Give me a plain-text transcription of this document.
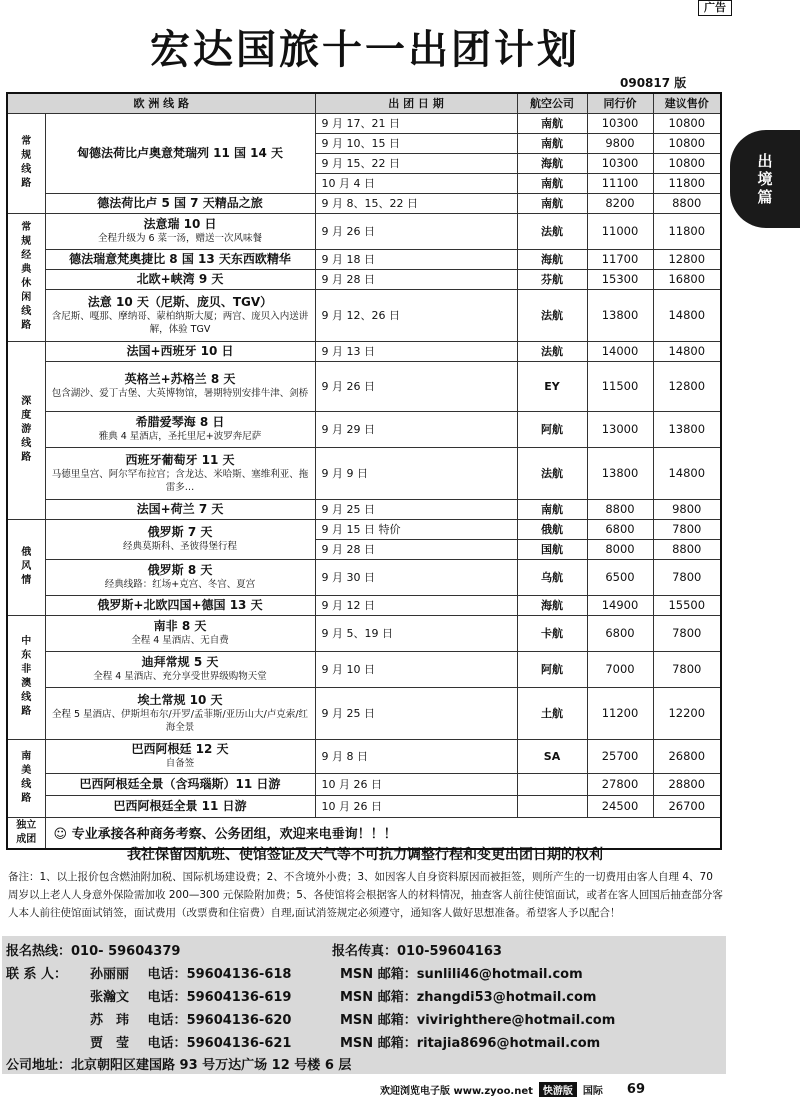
广告
宏达国旅十一出团计划
090817 版
出
境
篇
欧 洲 线 路		出 团 日 期	航空公司	同行价	建议售价

常规线路	匈德法荷比卢奥意梵瑞列 11 国 14 天	9 月 17、21 日	南航	10300	10800
		9 月 10、15 日	南航	9800	10800
		9 月 15、22 日	海航	10300	10800
		10 月 4 日	南航	11100	11800

	德法荷比卢 5 国 7 天精品之旅	9 月 8、15、22 日	南航	8200	8800

常规经典休闲线路	法意瑞 10 日
全程升级为 6 菜一汤，赠送一次风味餐	9 月 26 日	法航	11000	11800

	德法瑞意梵奥捷比 8 国 13 天东西欧精华	9 月 18 日	海航	11700	12800

	北欧+峡湾 9 天	9 月 28 日	芬航	15300	16800

	法意 10 天（尼斯、庞贝、TGV）
含尼斯、嘎那、摩纳哥、蒙柏纳斯大厦；两宫、庞贝入内送讲解，体验 TGV	9 月 12、26 日	法航	13800	14800

深度游线路	法国+西班牙 10 日	9 月 13 日	法航	14000	14800

	英格兰+苏格兰 8 天
包含湖沙、爱丁古堡、大英博物馆，暑期特别安排牛津、剑桥	9 月 26 日	EY	11500	12800

	希腊爱琴海 8 日
雅典 4 星酒店，圣托里尼+波罗奔尼萨	9 月 29 日	阿航	13000	13800

	西班牙葡萄牙 11 天
马德里皇宫、阿尔罕布拉宫；含龙达、米哈斯、塞维利亚、拖雷多…	9 月 9 日	法航	13800	14800

	法国+荷兰 7 天	9 月 25 日	南航	8800	9800

俄风情	俄罗斯 7 天
经典莫斯科、圣彼得堡行程	9 月 15 日 特价	俄航	6800	7800
		9 月 28 日	国航	8000	8800

	俄罗斯 8 天
经典线路：红场+克宫、冬宫、夏宫	9 月 30 日	乌航	6500	7800

	俄罗斯+北欧四国+德国 13 天	9 月 12 日	海航	14900	15500

中东非澳线路	南非 8 天
全程 4 星酒店、无自费	9 月 5、19 日	卡航	6800	7800

	迪拜常规 5 天
全程 4 星酒店、充分享受世界级购物天堂	9 月 10 日	阿航	7000	7800

	埃土常规 10 天
全程 5 星酒店、伊斯坦布尔/开罗/孟菲斯/亚历山大/卢克索/红海全景	9 月 25 日	土航	11200	12200

南美线路	巴西阿根廷 12 天
自备签	9 月 8 日	SA	25700	26800

	巴西阿根廷全景（含玛瑙斯）11 日游	10 月 26 日		27800	28800

	巴西阿根廷全景 11 日游	10 月 26 日		24500	26700

独立成团	☺ 专业承接各种商务考察、公务团组，欢迎来电垂询！！！				
我社保留因航班、使馆签证及天气等不可抗力调整行程和变更出团日期的权利
备注：1、以上报价包含燃油附加税、国际机场建设费；2、不含境外小费；3、如因客人自身资料原因而被拒签，则所产生的一切费用由客人自理 4、70 周岁以上老人人身意外保险需加收 200—300 元保险附加费；5、各使馆将会根据客人的材料情况，抽查客人前往使馆面试，或者在客人回国后抽查部分客人本人前往使馆面试销签，面试费用（改票费和住宿费）自理,面试消签规定必须遵守，通知客人做好思想准备。希望客人予以配合！
报名热线：010- 59604379	报名传真：010-59604163
联 系 人： 孙丽丽 电话：59604136-618	MSN 邮箱：sunlili46@hotmail.com
张瀚文 电话：59604136-619	MSN 邮箱：zhangdi53@hotmail.com
苏　玮 电话：59604136-620	MSN 邮箱：vivirighthere@hotmail.com
贾　莹 电话：59604136-621	MSN 邮箱：ritajia8696@hotmail.com
公司地址：北京朝阳区建国路 93 号万达广场 12 号楼 6 层
欢迎浏览电子版 www.zyoo.net	快游版	国际 69
